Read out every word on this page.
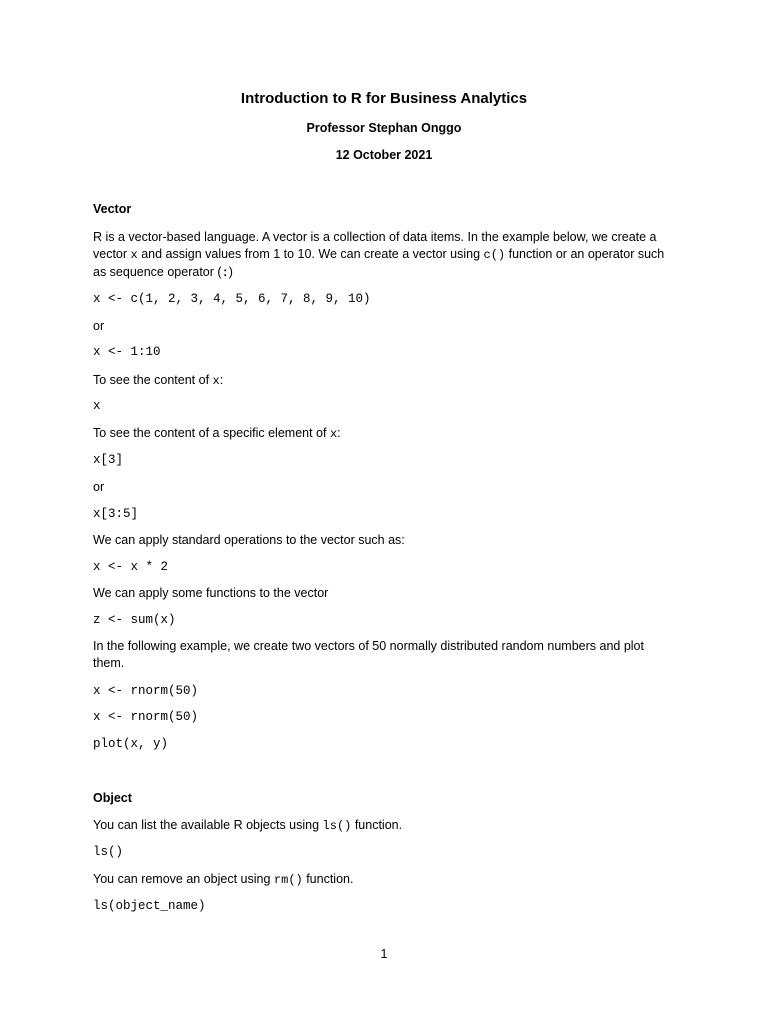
Introduction to R for Business Analytics
Professor Stephan Onggo
12 October 2021
Vector
R is a vector-based language. A vector is a collection of data items. In the example below, we create a vector x and assign values from 1 to 10. We can create a vector using c() function or an operator such as sequence operator (:)
x <- c(1, 2, 3, 4, 5, 6, 7, 8, 9, 10)
or
x <- 1:10
To see the content of x:
x
To see the content of a specific element of x:
x[3]
or
x[3:5]
We can apply standard operations to the vector such as:
x <- x * 2
We can apply some functions to the vector
z <- sum(x)
In the following example, we create two vectors of 50 normally distributed random numbers and plot them.
x <- rnorm(50)
x <- rnorm(50)
plot(x, y)
Object
You can list the available R objects using ls() function.
ls()
You can remove an object using rm() function.
ls(object_name)
1
